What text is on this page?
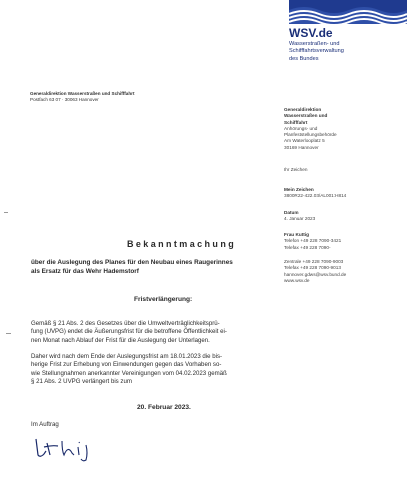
WSV.de
Wasserstraßen- und
Schifffahrtsverwaltung
des Bundes
Generaldirektion Wasserstraßen und Schifffahrt
Postfach 63 07 · 30063 Hannover
Generaldirektion
Wasserstraßen und
Schifffahrt
Anhörungs- und
Planfeststellungsbehörde
Am Waterlooplatz 5
30169 Hannover
Ihr Zeichen
Mein Zeichen
3800R22-422.03/AL001:H814
Datum
4. Januar 2023
Frau Kuttig
Telefon +49 228 7090-3421
Telefax +49 228 7090-
Zentrale +49 228 7090-9003
Telefax +49 228 7090-9013
hannover.gdws@wsv.bund.de
www.wsv.de
Bekanntmachung
über die Auslegung des Planes für den Neubau eines Raugerinnes
als Ersatz für das Wehr Hademstorf
Fristverlängerung:
Gemäß § 21 Abs. 2 des Gesetzes über die Umweltverträglichkeitsprü-
fung (UVPG) endet die Äußerungsfrist für die betroffene Öffentlichkeit ei-
nen Monat nach Ablauf der Frist für die Auslegung der Unterlagen.
Daher wird nach dem Ende der Auslegungsfrist am 18.01.2023 die bis-
herige Frist zur Erhebung von Einwendungen gegen das Vorhaben so-
wie Stellungnahmen anerkannter Vereinigungen vom 04.02.2023 gemäß
§ 21 Abs. 2 UVPG verlängert bis zum
20. Februar 2023.
Im Auftrag
